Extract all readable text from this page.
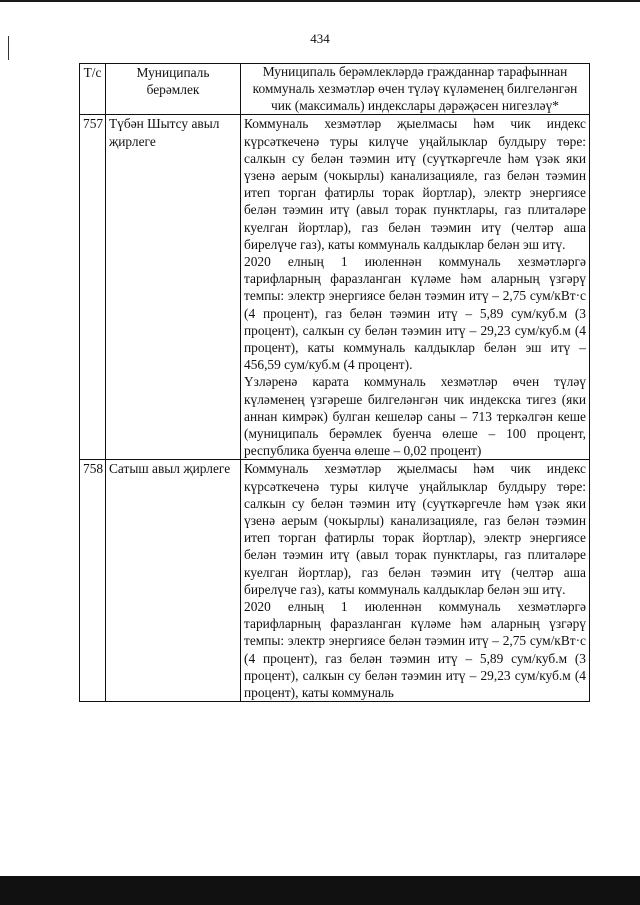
434
Т/с	Муниципаль берәмлек	Муниципаль берәмлекләрдә гражданнар тарафыннан коммуналь хезмәтләр өчен түләү күләменең билгеләнгән чик (максималь) индекслары дәрәҗәсен нигезләү*
757	Түбән Шытсу авыл җирлеге	Коммуналь хезмәтләр җыелмасы һәм чик индекс күрсәткеченә туры килүче уңайлыклар булдыру төре: салкын су белән тәэмин итү (суүткәргечле һәм үзәк яки үзенә аерым (чокырлы) канализацияле, газ белән тәэмин итеп торган фатирлы торак йортлар), электр энергиясе белән тәэмин итү (авыл торак пунктлары, газ плиталәре куелган йортлар), газ белән тәэмин итү (челтәр аша бирелүче газ), каты коммуналь калдыклар белән эш итү.

2020 елның 1 июленнән коммуналь хезмәтләргә тарифларның фаразланган күләме һәм аларның үзгәрү темпы: электр энергиясе белән тәэмин итү – 2,75 сум/кВт·с (4 процент), газ белән тәэмин итү – 5,89 сум/куб.м (3 процент), салкын су белән тәэмин итү – 29,23 сум/куб.м (4 процент), каты коммуналь калдыклар белән эш итү – 456,59 сум/куб.м (4 процент).

Үзләренә карата коммуналь хезмәтләр өчен түләү күләменең үзгәреше билгеләнгән чик индекска тигез (яки аннан кимрәк) булган кешеләр саны – 713 теркәлгән кеше (муниципаль берәмлек буенча өлеше – 100 процент, республика буенча өлеше – 0,02 процент)

758	Сатыш авыл җирлеге	Коммуналь хезмәтләр җыелмасы һәм чик индекс күрсәткеченә туры килүче уңайлыклар булдыру төре: салкын су белән тәэмин итү (суүткәргечле һәм үзәк яки үзенә аерым (чокырлы) канализацияле, газ белән тәэмин итеп торган фатирлы торак йортлар), электр энергиясе белән тәэмин итү (авыл торак пунктлары, газ плиталәре куелган йортлар), газ белән тәэмин итү (челтәр аша бирелүче газ), каты коммуналь калдыклар белән эш итү.

2020 елның 1 июленнән коммуналь хезмәтләргә тарифларның фаразланган күләме һәм аларның үзгәрү темпы: электр энергиясе белән тәэмин итү – 2,75 сум/кВт·с (4 процент), газ белән тәэмин итү – 5,89 сум/куб.м (3 процент), салкын су белән тәэмин итү – 29,23 сум/куб.м (4 процент), каты коммуналь
